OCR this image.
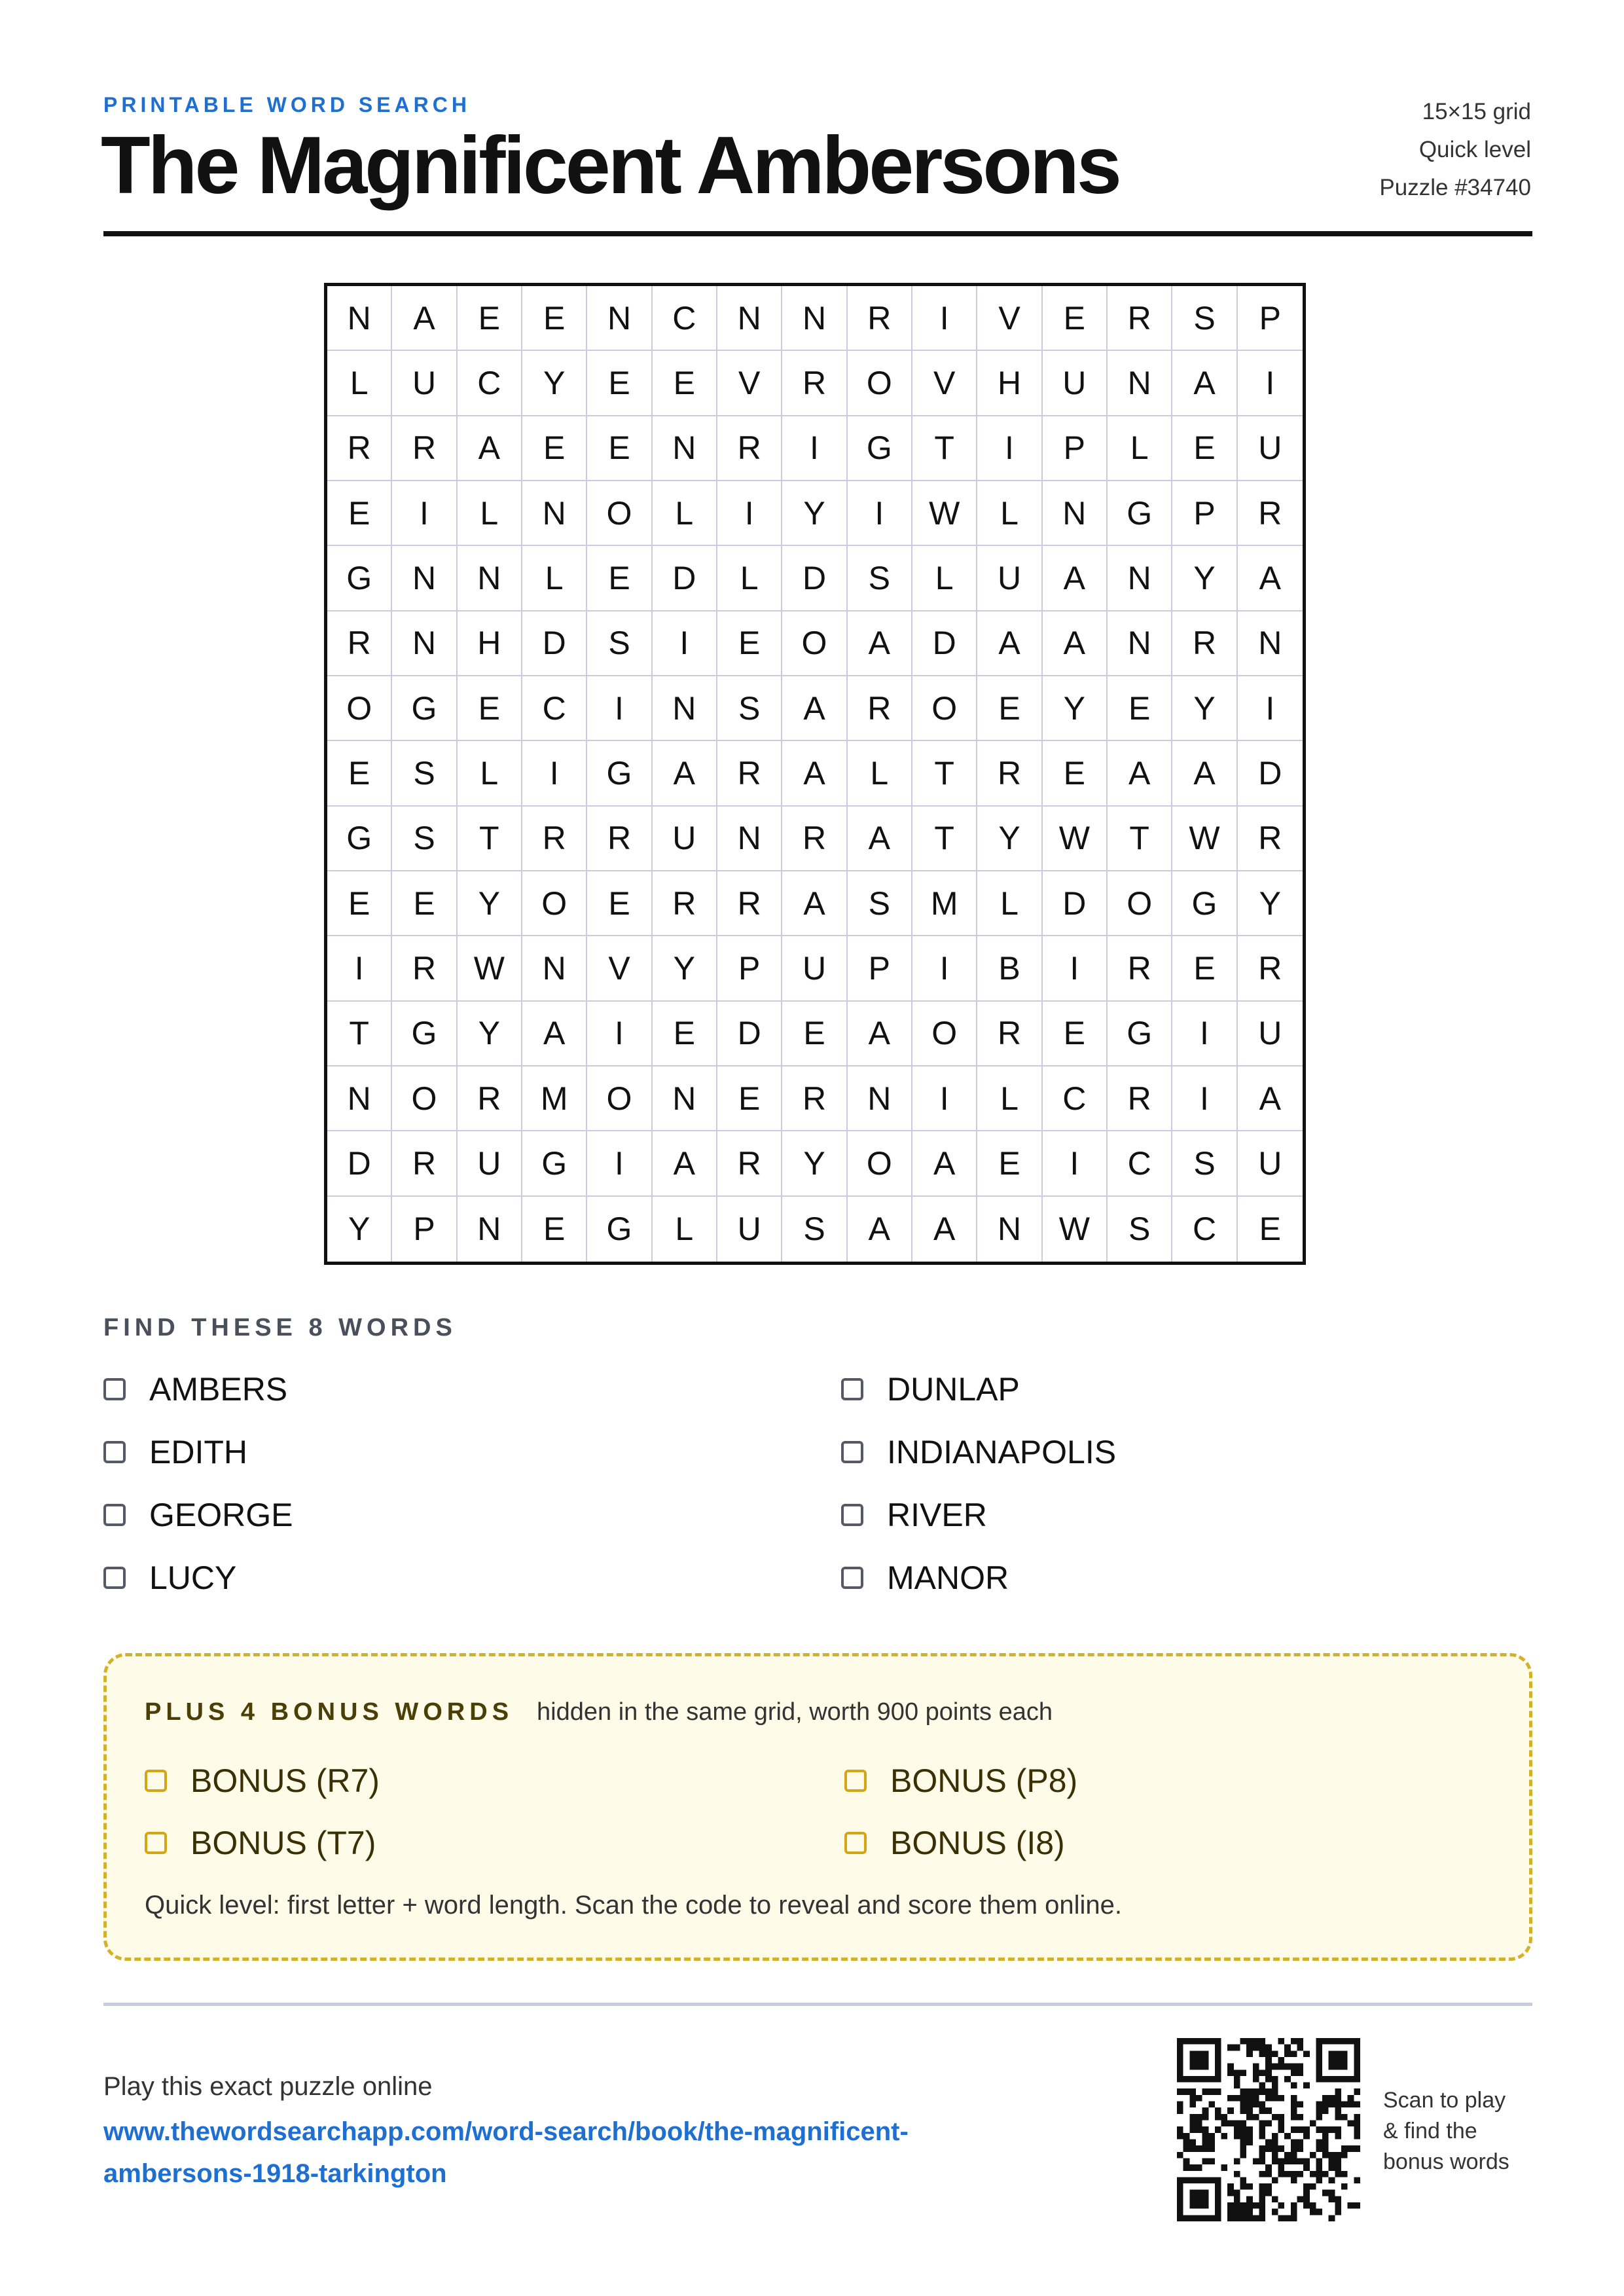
PRINTABLE WORD SEARCH
The Magnificent Ambersons
15×15 grid
Quick level
Puzzle #34740
N	A	E	E	N	C	N	N	R	I	V	E	R	S	P
L	U	C	Y	E	E	V	R	O	V	H	U	N	A	I
R	R	A	E	E	N	R	I	G	T	I	P	L	E	U
E	I	L	N	O	L	I	Y	I	W	L	N	G	P	R
G	N	N	L	E	D	L	D	S	L	U	A	N	Y	A
R	N	H	D	S	I	E	O	A	D	A	A	N	R	N
O	G	E	C	I	N	S	A	R	O	E	Y	E	Y	I
E	S	L	I	G	A	R	A	L	T	R	E	A	A	D
G	S	T	R	R	U	N	R	A	T	Y	W	T	W	R
E	E	Y	O	E	R	R	A	S	M	L	D	O	G	Y
I	R	W	N	V	Y	P	U	P	I	B	I	R	E	R
T	G	Y	A	I	E	D	E	A	O	R	E	G	I	U
N	O	R	M	O	N	E	R	N	I	L	C	R	I	A
D	R	U	G	I	A	R	Y	O	A	E	I	C	S	U
Y	P	N	E	G	L	U	S	A	A	N	W	S	C	E
FIND THESE 8 WORDS
AMBERS
EDITH
GEORGE
LUCY
DUNLAP
INDIANAPOLIS
RIVER
MANOR
PLUS 4 BONUS WORDS hidden in the same grid, worth 900 points each
BONUS (R7)
BONUS (T7)
BONUS (P8)
BONUS (I8)
Quick level: first letter + word length. Scan the code to reveal and score them online.
Play this exact puzzle online
www.thewordsearchapp.com/word-search/book/the-magnificent-
ambersons-1918-tarkington
Scan to play
& find the
bonus words
